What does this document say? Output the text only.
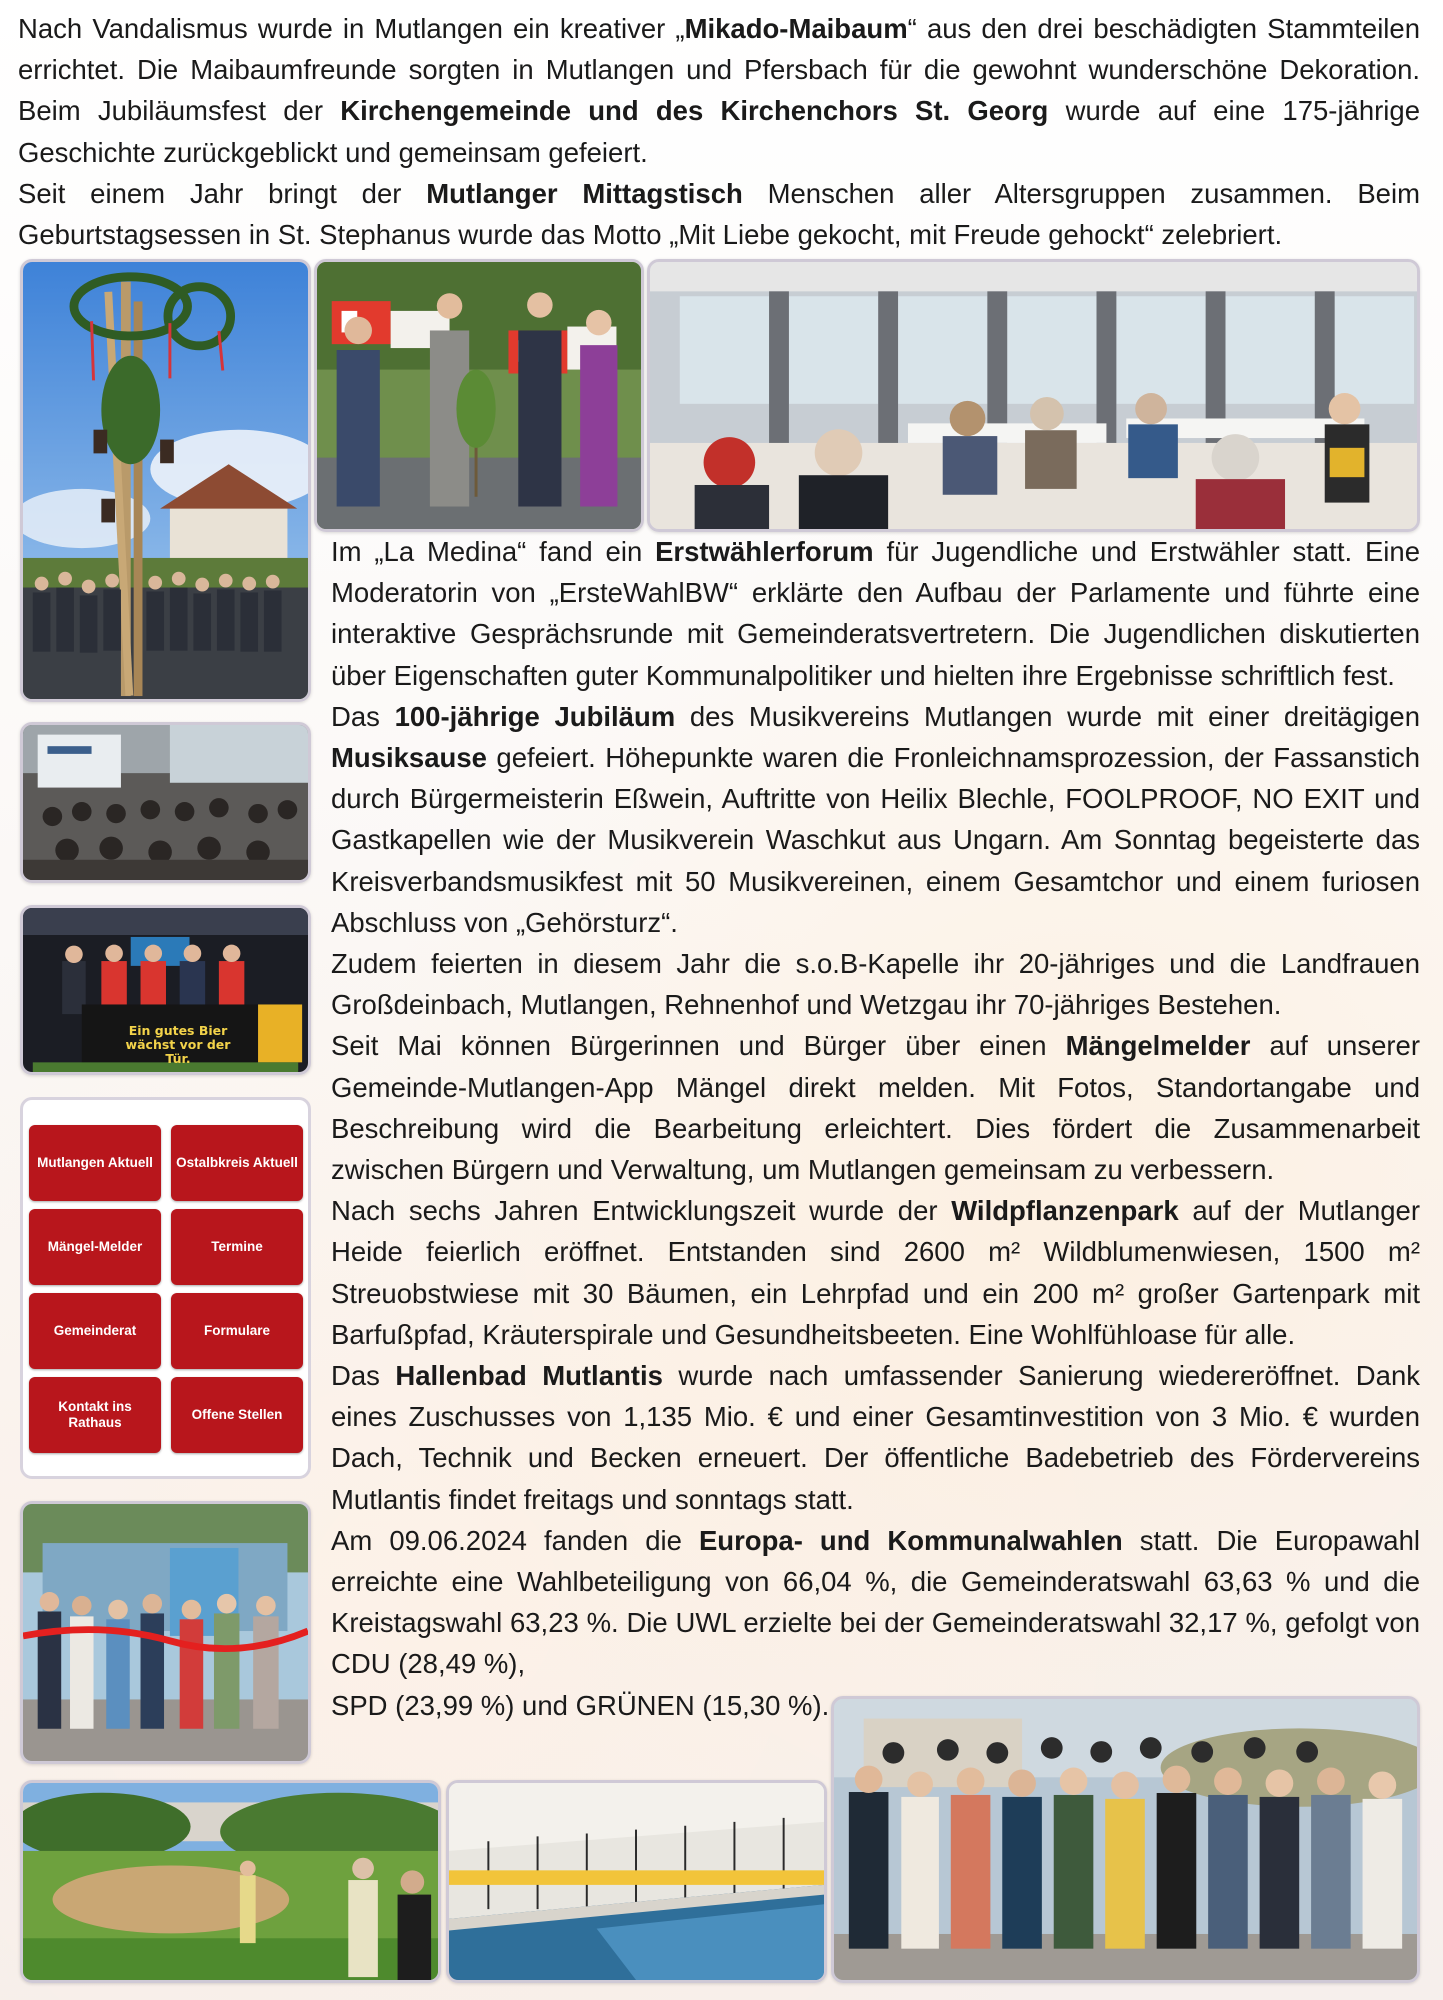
Nach Vandalismus wurde in Mutlangen ein kreativer „Mikado-Maibaum“ aus den drei beschädigten Stammteilen errichtet. Die Maibaumfreunde sorgten in Mutlangen und Pfersbach für die gewohnt wunderschöne Dekoration. Beim Jubiläumsfest der Kirchengemeinde und des Kirchenchors St. Georg wurde auf eine 175-jährige Geschichte zurückgeblickt und gemeinsam gefeiert.

Seit einem Jahr bringt der Mutlanger Mittagstisch Menschen aller Altersgruppen zusammen. Beim Geburtstagsessen in St. Stephanus wurde das Motto „Mit Liebe gekocht, mit Freude gehockt“ zelebriert.

Im „La Medina“ fand ein Erstwählerforum für Jugendliche und Erstwähler statt. Eine Moderatorin von „ErsteWahlBW“ erklärte den Aufbau der Parlamente und führte eine interaktive Gesprächsrunde mit Gemeinderatsvertretern. Die Jugendlichen diskutierten über Eigenschaften guter Kommunalpolitiker und hielten ihre Ergebnisse schriftlich fest.

Das 100-jährige Jubiläum des Musikvereins Mutlangen wurde mit einer dreitägigen Musiksause gefeiert. Höhepunkte waren die Fronleichnamsprozession, der Fassanstich durch Bürgermeisterin Eßwein, Auftritte von Heilix Blechle, FOOLPROOF, NO EXIT und Gastkapellen wie der Musikverein Waschkut aus Ungarn. Am Sonntag begeisterte das Kreisverbandsmusikfest mit 50 Musikvereinen, einem Gesamtchor und einem furiosen Abschluss von „Gehörsturz“.

Zudem feierten in diesem Jahr die s.o.B-Kapelle ihr 20-jähriges und die Landfrauen Großdeinbach, Mutlangen, Rehnenhof und Wetzgau ihr 70-jähriges Bestehen.

Seit Mai können Bürgerinnen und Bürger über einen Mängelmelder auf unserer Gemeinde-Mutlangen-App Mängel direkt melden. Mit Fotos, Standortangabe und Beschreibung wird die Bearbeitung erleichtert. Dies fördert die Zusammenarbeit zwischen Bürgern und Verwaltung, um Mutlangen gemeinsam zu verbessern.

Nach sechs Jahren Entwicklungszeit wurde der Wildpflanzenpark auf der Mutlanger Heide feierlich eröffnet. Entstanden sind 2600 m² Wildblumenwiesen, 1500 m² Streuobstwiese mit 30 Bäumen, ein Lehrpfad und ein 200 m² großer Gartenpark mit Barfußpfad, Kräuterspirale und Gesundheitsbeeten. Eine Wohlfühloase für alle.

Das Hallenbad Mutlantis wurde nach umfassender Sanierung wiedereröffnet. Dank eines Zuschusses von 1,135 Mio. € und einer Gesamtinvestition von 3 Mio. € wurden Dach, Technik und Becken erneuert. Der öffentliche Badebetrieb des Fördervereins Mutlantis findet freitags und sonntags statt.

Am 09.06.2024 fanden die Europa- und Kommunalwahlen statt. Die Europawahl erreichte eine Wahlbeteiligung von 66,04 %, die Gemeinderatswahl 63,63 % und die Kreistagswahl 63,23 %. Die UWL erzielte bei der Gemeinderatswahl 32,17 %, gefolgt von CDU (28,49 %),

SPD (23,99 %) und GRÜNEN (15,30 %).

Ein gutes Bier
wächst vor der Tür.
Mutlangen Aktuell	Ostalbkreis Aktuell
Mängel-Melder	Termine
Gemeinderat	Formulare
Kontakt ins Rathaus
Offene Stellen
